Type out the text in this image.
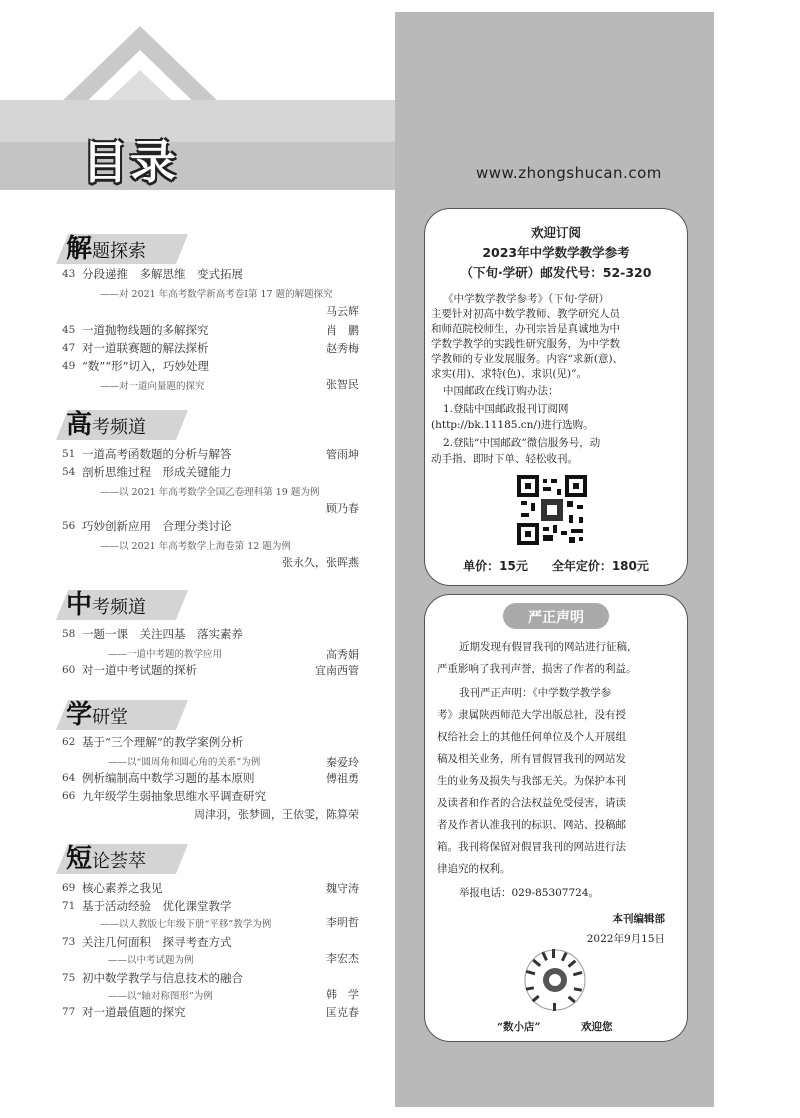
目录	www.zhongshucan.com
解题探索
43 分段递推　多解思维　变式拓展
——对 2021 年高考数学新高考卷Ⅰ第 17 题的解题探究
马云辉
45 一道抛物线题的多解探究	肖　鹏
47 对一道联赛题的解法探析	赵秀梅
49 “数”“形”切入，巧妙处理
——对一道向量题的探究	张智民
高考频道
51 一道高考函数题的分析与解答	管雨坤
54 剖析思维过程　形成关键能力
——以 2021 年高考数学全国乙卷理科第 19 题为例
顾乃春
56 巧妙创新应用　合理分类讨论
——以 2021 年高考数学上海卷第 12 题为例
张永久，张晖燕
中考频道
58 一题一课　关注四基　落实素养
——一道中考题的教学应用	高秀娟
60 对一道中考试题的探析	宜南西管
学研堂
62 基于“三个理解”的教学案例分析
——以“圆周角和圆心角的关系”为例	秦爱玲
64 例析编制高中数学习题的基本原则	傅祖勇
66 九年级学生弱抽象思维水平调查研究
周津羽，张梦圆，王依雯，陈算荣
短论荟萃
69 核心素养之我见	魏守涛
71 基于活动经验　优化课堂教学
——以人教版七年级下册“平移”教学为例	李明哲
73 关注几何面积　探寻考查方式
——以中考试题为例	李宏杰
75 初中数学教学与信息技术的融合
——以“轴对称图形”为例	韩　学
77 对一道最值题的探究	匡克春
欢迎订阅
2023年中学数学教学参考
（下旬·学研）邮发代号：52-320
《中学数学教学参考》（下旬·学研）
主要针对初高中数学教师、教学研究人员
和师范院校师生，办刊宗旨是真诚地为中
学数学教学的实践性研究服务，为中学数
学教师的专业发展服务。内容“求新(意)、
求实(用)、求特(色)、求识(见)”。
中国邮政在线订购办法：
1.登陆中国邮政报刊订阅网
(http://bk.11185.cn/)进行选购。
2.登陆“中国邮政”微信服务号，动
动手指、即时下单、轻松收刊。
单价：15元　　全年定价：180元
严正声明
近期发现有假冒我刊的网站进行征稿，
严重影响了我刊声誉，损害了作者的利益。
我刊严正声明：《中学数学教学参
考》隶属陕西师范大学出版总社，没有授
权给社会上的其他任何单位及个人开展组
稿及相关业务，所有冒假冒我刊的网站发
生的业务及损失与我部无关。为保护本刊
及读者和作者的合法权益免受侵害，请读
者及作者认准我刊的标识、网站、投稿邮
箱。我刊将保留对假冒我刊的网站进行法
律追究的权利。
举报电话：029-85307724。
本刊编辑部
2022年9月15日
“数小店”	欢迎您
